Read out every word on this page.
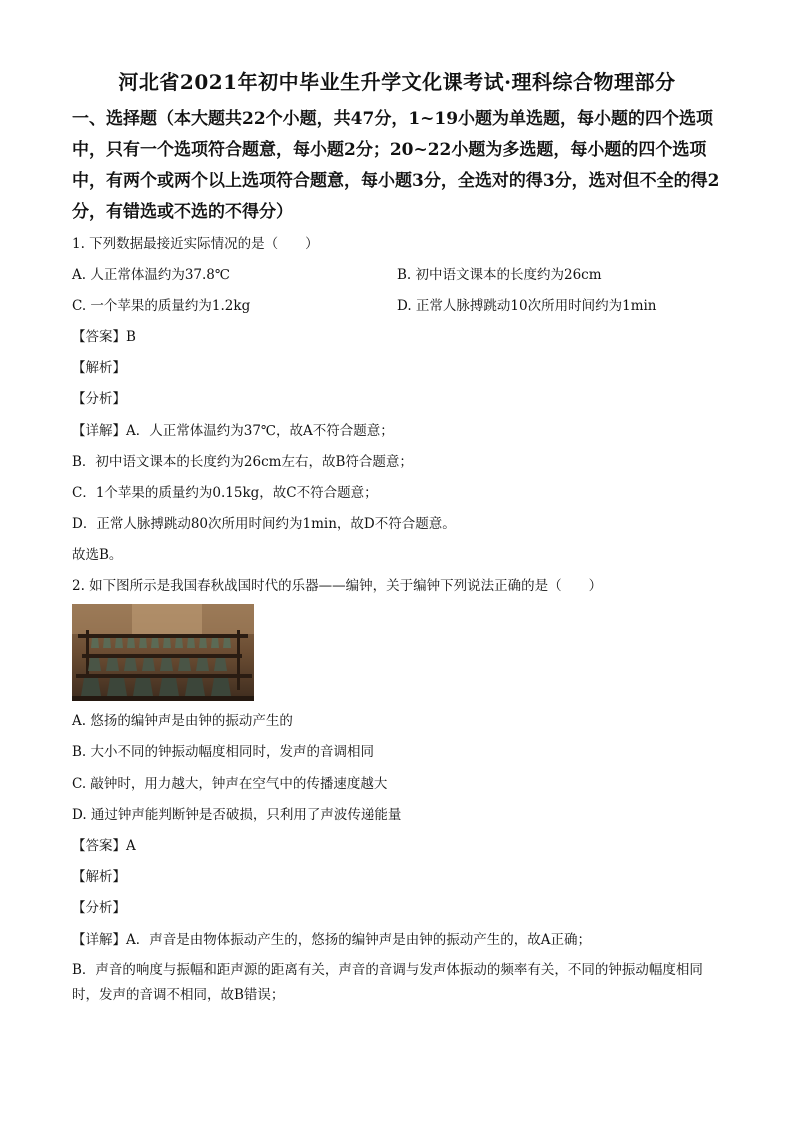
河北省2021年初中毕业生升学文化课考试·理科综合物理部分
一、选择题（本大题共22个小题，共47分，1~19小题为单选题，每小题的四个选项中，只有一个选项符合题意，每小题2分；20~22小题为多选题，每小题的四个选项中，有两个或两个以上选项符合题意，每小题3分，全选对的得3分，选对但不全的得2分，有错选或不选的不得分）
1. 下列数据最接近实际情况的是（　　）
A. 人正常体温约为37.8℃	B. 初中语文课本的长度约为26cm
C. 一个苹果的质量约为1.2kg	D. 正常人脉搏跳动10次所用时间约为1min
【答案】B
【解析】
【分析】
【详解】A．人正常体温约为37℃，故A不符合题意；
B．初中语文课本的长度约为26cm左右，故B符合题意；
C．1个苹果的质量约为0.15kg，故C不符合题意；
D．正常人脉搏跳动80次所用时间约为1min，故D不符合题意。
故选B。
2. 如下图所示是我国春秋战国时代的乐器——编钟，关于编钟下列说法正确的是（　　）
A. 悠扬的编钟声是由钟的振动产生的
B. 大小不同的钟振动幅度相同时，发声的音调相同
C. 敲钟时，用力越大，钟声在空气中的传播速度越大
D. 通过钟声能判断钟是否破损，只利用了声波传递能量
【答案】A
【解析】
【分析】
【详解】A．声音是由物体振动产生的，悠扬的编钟声是由钟的振动产生的，故A正确；
B．声音的响度与振幅和距声源的距离有关，声音的音调与发声体振动的频率有关，不同的钟振动幅度相同时，发声的音调不相同，故B错误；
